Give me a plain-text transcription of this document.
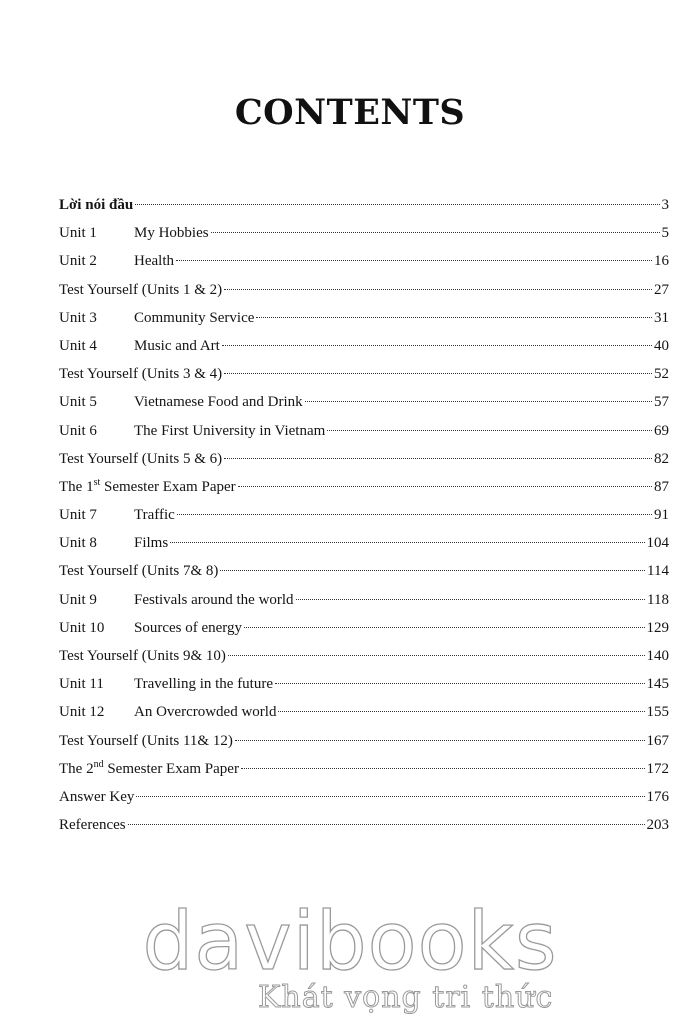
CONTENTS
Lời nói đầu	3
Unit 1	My Hobbies	5
Unit 2	Health	16
Test Yourself (Units 1 & 2)	27
Unit 3	Community Service	31
Unit 4	Music and Art	40
Test Yourself (Units 3 & 4)	52
Unit 5	Vietnamese Food and Drink	57
Unit 6	The First University in Vietnam	69
Test Yourself (Units 5 & 6)	82
The 1st Semester Exam Paper	87
Unit 7	Traffic	91
Unit 8	Films	104
Test Yourself (Units 7& 8)	114
Unit 9	Festivals around the world	118
Unit 10	Sources of energy	129
Test Yourself (Units 9& 10)	140
Unit 11	Travelling in the future	145
Unit 12	An Overcrowded world	155
Test Yourself (Units 11& 12)	167
The 2nd Semester Exam Paper	172
Answer Key	176
References	203
davibooks
Khát vọng tri thức
